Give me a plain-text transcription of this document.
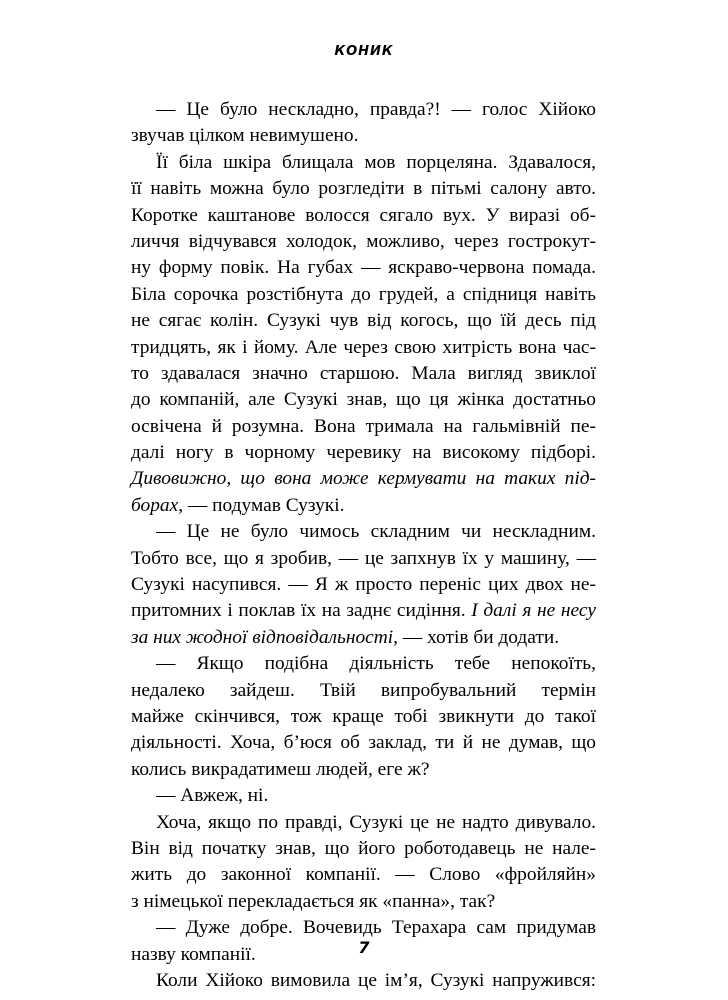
КОНИК
— Це було нескладно, правда?! — голос Хійоко
звучав цілком невимушено.
Її біла шкіра блищала мов порцеляна. Здавалося,
її навіть можна було розгледіти в пітьмі салону авто.
Коротке каштанове волосся сягало вух. У виразі об-
личчя відчувався холодок, можливо, через гострокут-
ну форму повік. На губах — яскраво-червона помада.
Біла сорочка розстібнута до грудей, а спідниця навіть
не сягає колін. Сузукі чув від когось, що їй десь під
тридцять, як і йому. Але через свою хитрість вона час-
то здавалася значно старшою. Мала вигляд звиклої
до компаній, але Сузукі знав, що ця жінка достатньо
освічена й розумна. Вона тримала на гальмівній пе-
далі ногу в чорному черевику на високому підборі.
Дивовижно, що вона може кермувати на таких під-
борах, — подумав Сузукі.
— Це не було чимось складним чи нескладним.
Тобто все, що я зробив, — це запхнув їх у машину, —
Сузукі насупився. — Я ж просто переніс цих двох не-
притомних і поклав їх на заднє сидіння. І далі я не несу
за них жодної відповідальності, — хотів би додати.
— Якщо подібна діяльність тебе непокоїть,
недалеко зайдеш. Твій випробувальний термін
майже скінчився, тож краще тобі звикнути до такої
діяльності. Хоча, б’юся об заклад, ти й не думав, що
колись викрадатимеш людей, еге ж?
— Авжеж, ні.
Хоча, якщо по правді, Сузукі це не надто дивувало.
Він від початку знав, що його роботодавець не нале-
жить до законної компанії. — Слово «фройляйн»
з німецької перекладається як «панна», так?
— Дуже добре. Вочевидь Терахара сам придумав
назву компанії.
Коли Хійоко вимовила це ім’я, Сузукі напружився:
7
